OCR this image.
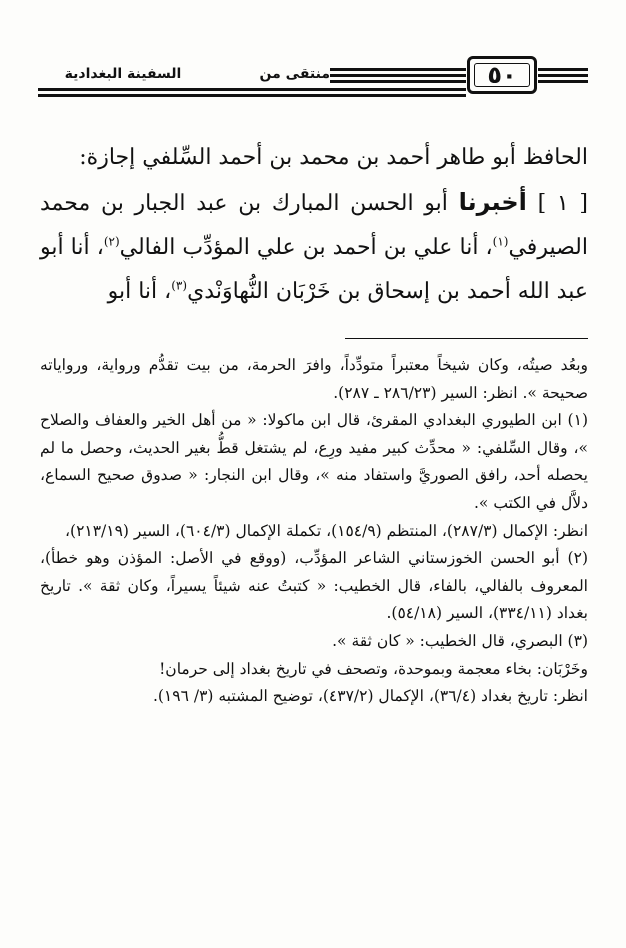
منتقى من
السفينة البغدادية	٥٠

الحافظ أبو طاهر أحمد بن محمد بن أحمد السِّلفي إجازة:

[ ١ ] أخبرنا أبو الحسن المبارك بن عبد الجبار بن محمد الصيرفي$^{(١)}$، أنا علي بن أحمد بن علي المؤدِّب الفالي$^{(٢)}$، أنا أبو عبد الله أحمد بن إسحاق بن خَرْبَان النُّهاوَنْدي$^{(٣)}$، أنا أبو

وبعُد صيتُه، وكان شيخاً معتبراً متودِّداً، وافرَ الحرمة، من بيت تقدُّم ورواية، ورواياته صحيحة ». انظر: السير (٢٨٦/٢٣ ـ ٢٨٧).

(١) ابن الطيوري البغدادي المقرئ، قال ابن ماكولا: « من أهل الخير والعفاف والصلاح »، وقال السِّلفي: « محدِّث كبير مفيد ورِع، لم يشتغل قطُّ بغير الحديث، وحصل ما لم يحصله أحد، رافق الصوريَّ واستفاد منه »، وقال ابن النجار: « صدوق صحيح السماع، دلاَّل في الكتب ».

انظر: الإكمال (٢٨٧/٣)، المنتظم (١٥٤/٩)، تكملة الإكمال (٦٠٤/٣)، السير (٢١٣/١٩)،

(٢) أبو الحسن الخوزستاني الشاعر المؤدِّب، (ووقع في الأصل: المؤذن وهو خطأ)، المعروف بالفالي، بالفاء، قال الخطيب: « كتبتُ عنه شيئاً يسيراً، وكان ثقة ». تاريخ بغداد (٣٣٤/١١)، السير (٥٤/١٨).

(٣) البصري، قال الخطيب: « كان ثقة ».

وخَرْبَان: بخاء معجمة وبموحدة، وتصحف في تاريخ بغداد إلى حرمان!

انظر: تاريخ بغداد (٣٦/٤)، الإكمال (٤٣٧/٢)، توضيح المشتبه (٣/ ١٩٦).
